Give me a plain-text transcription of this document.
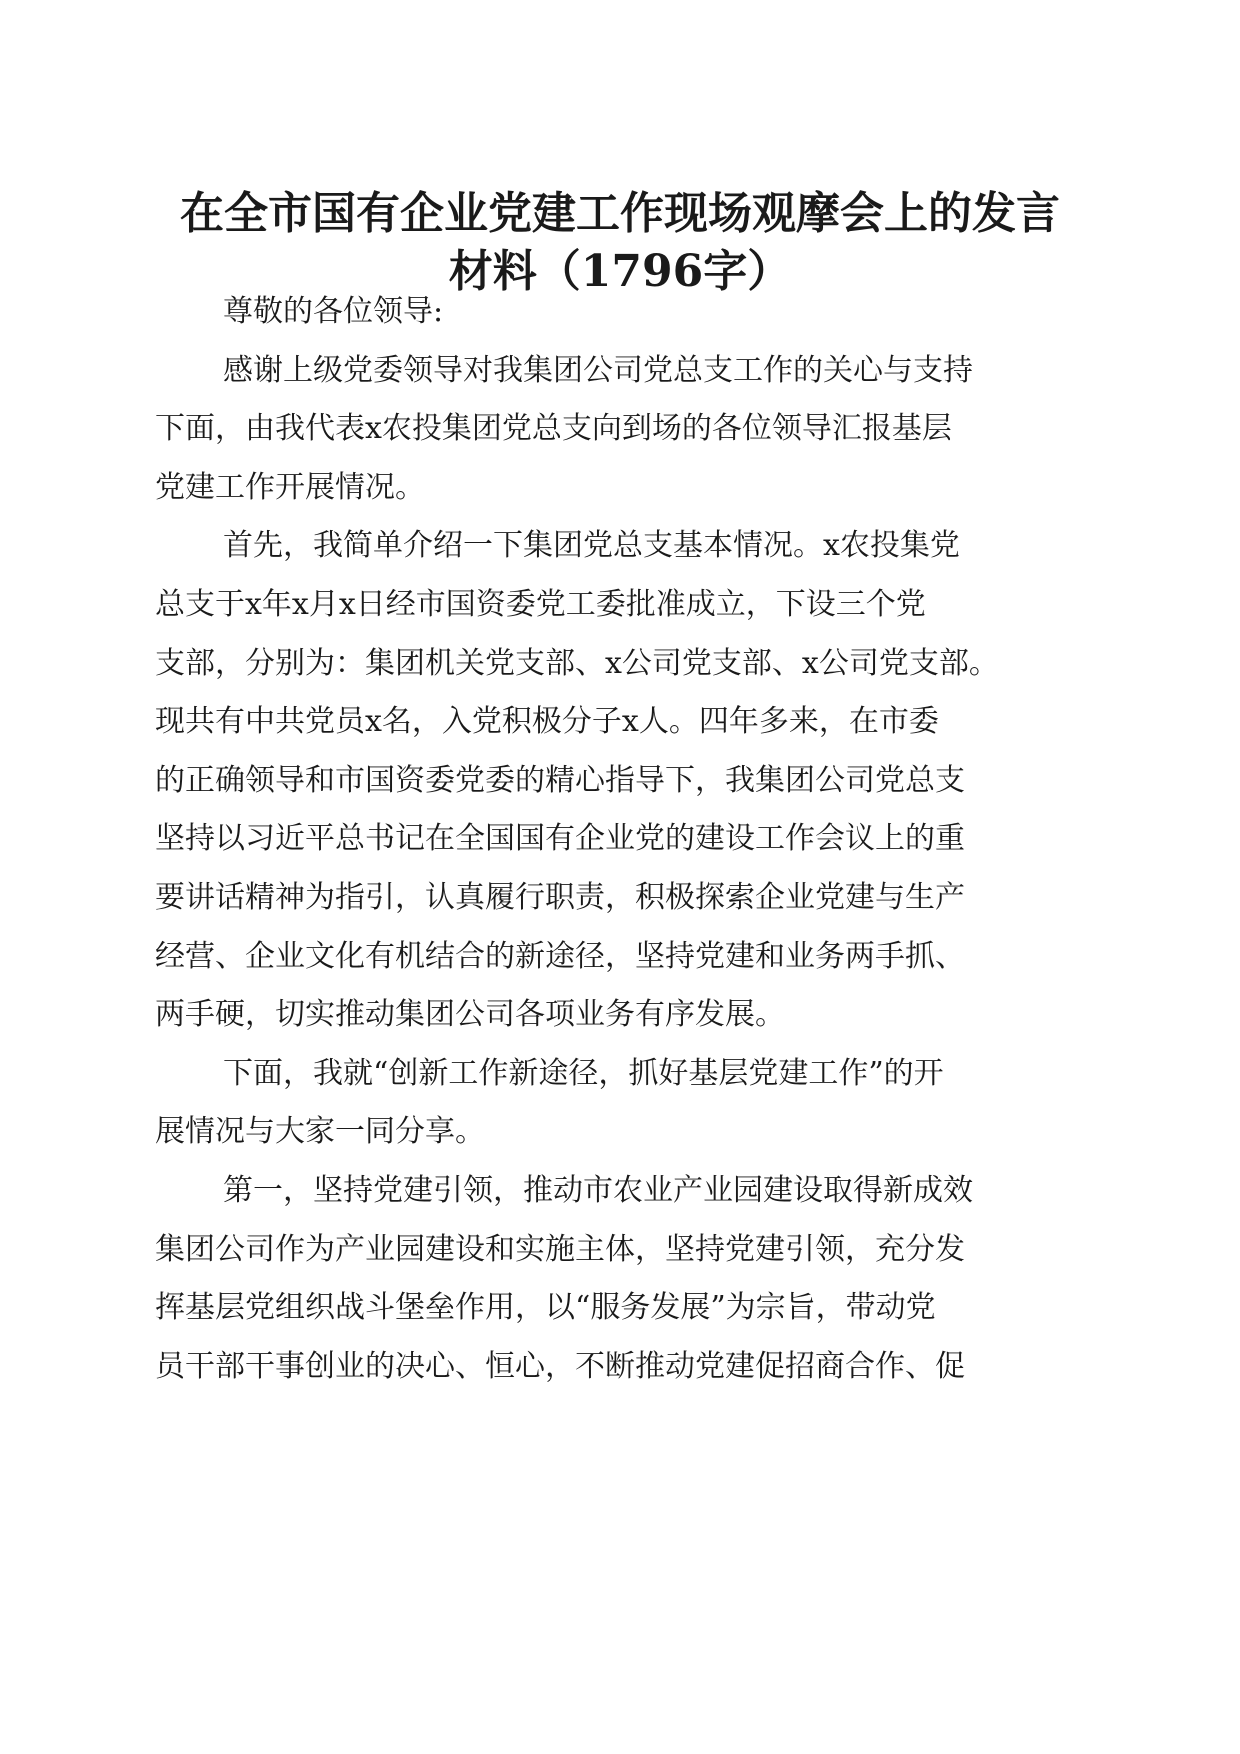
在全市国有企业党建工作现场观摩会上的发言
材料（1796字）

尊敬的各位领导:

感谢上级党委领导对我集团公司党总支工作的关心与支持

下面，由我代表x农投集团党总支向到场的各位领导汇报基层

党建工作开展情况。

首先，我简单介绍一下集团党总支基本情况。x农投集党

总支于x年x月x日经市国资委党工委批准成立，下设三个党

支部，分别为：集团机关党支部、x公司党支部、x公司党支部。

现共有中共党员x名，入党积极分子x人。四年多来，在市委

的正确领导和市国资委党委的精心指导下，我集团公司党总支

坚持以习近平总书记在全国国有企业党的建设工作会议上的重

要讲话精神为指引，认真履行职责，积极探索企业党建与生产

经营、企业文化有机结合的新途径，坚持党建和业务两手抓、

两手硬，切实推动集团公司各项业务有序发展。

下面，我就“创新工作新途径，抓好基层党建工作”的开

展情况与大家一同分享。

第一，坚持党建引领，推动市农业产业园建设取得新成效

集团公司作为产业园建设和实施主体，坚持党建引领，充分发

挥基层党组织战斗堡垒作用，以“服务发展”为宗旨，带动党

员干部干事创业的决心、恒心，不断推动党建促招商合作、促
